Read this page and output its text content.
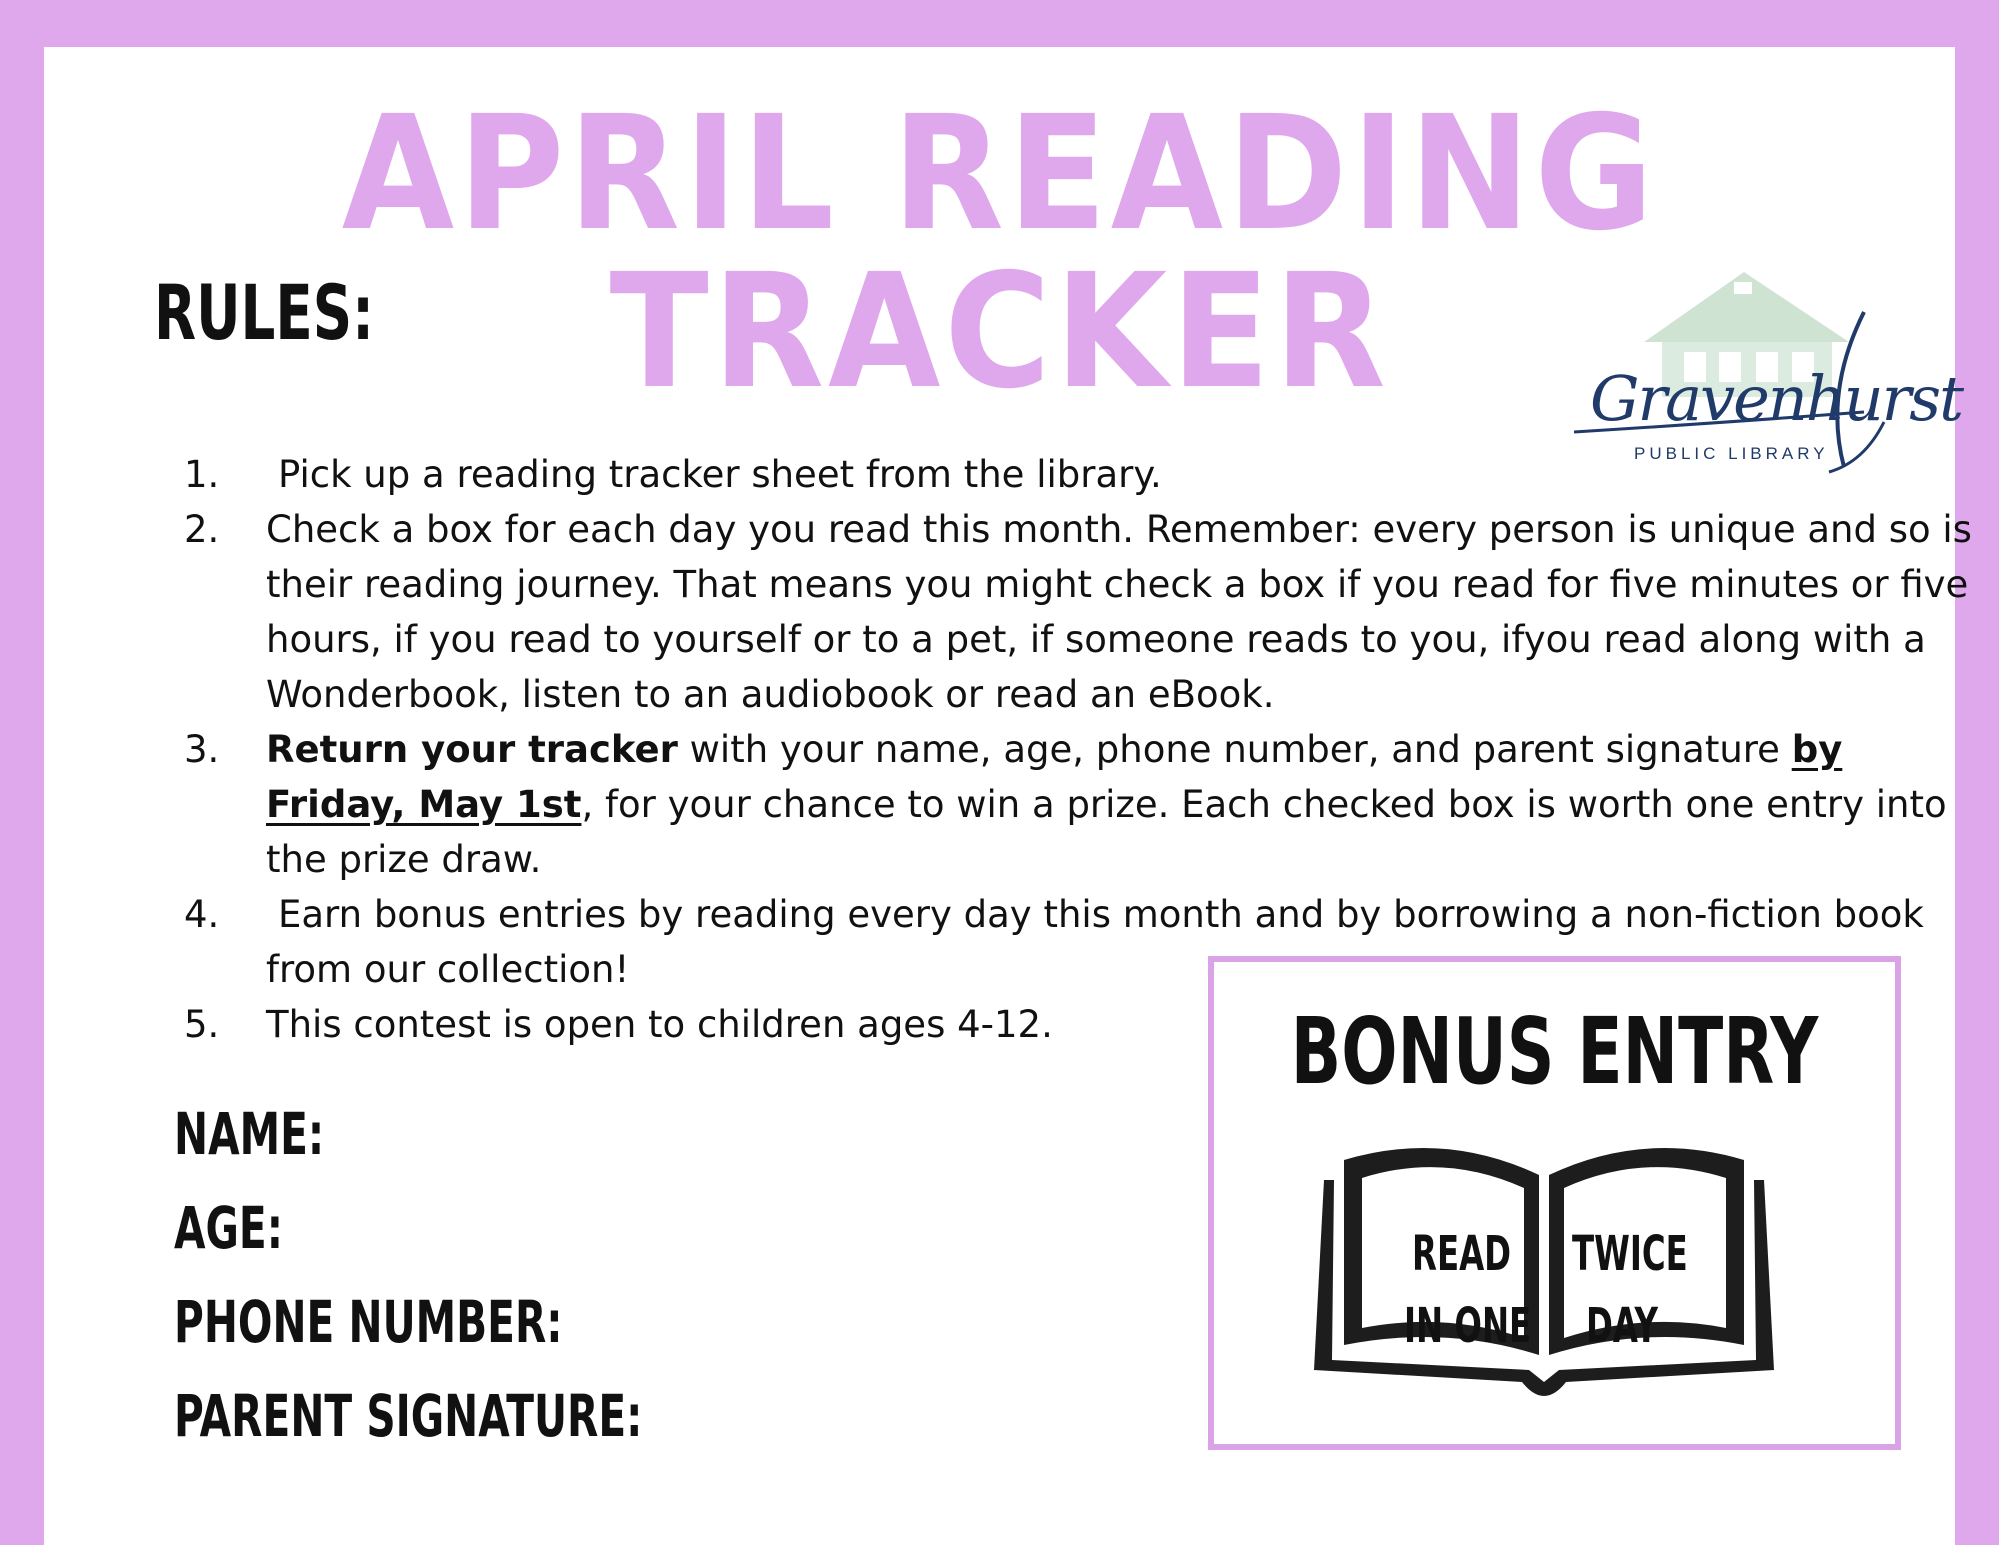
APRIL READING TRACKER
RULES:
Gravenhurst
PUBLIC LIBRARY
1. Pick up a reading tracker sheet from the library.
2. Check a box for each day you read this month. Remember: every person is unique and so is their reading journey. That means you might check a box if you read for five minutes or five hours, if you read to yourself or to a pet, if someone reads to you, ifyou read along with a Wonderbook, listen to an audiobook or read an eBook.
3. Return your tracker with your name, age, phone number, and parent signature by Friday, May 1st, for your chance to win a prize. Each checked box is worth one entry into the prize draw.
4. Earn bonus entries by reading every day this month and by borrowing a non-fiction book from our collection!
5. This contest is open to children ages 4-12.
NAME:
AGE:
PHONE NUMBER:
PARENT SIGNATURE:
BONUS ENTRY
READ
IN ONE
TWICE
DAY
